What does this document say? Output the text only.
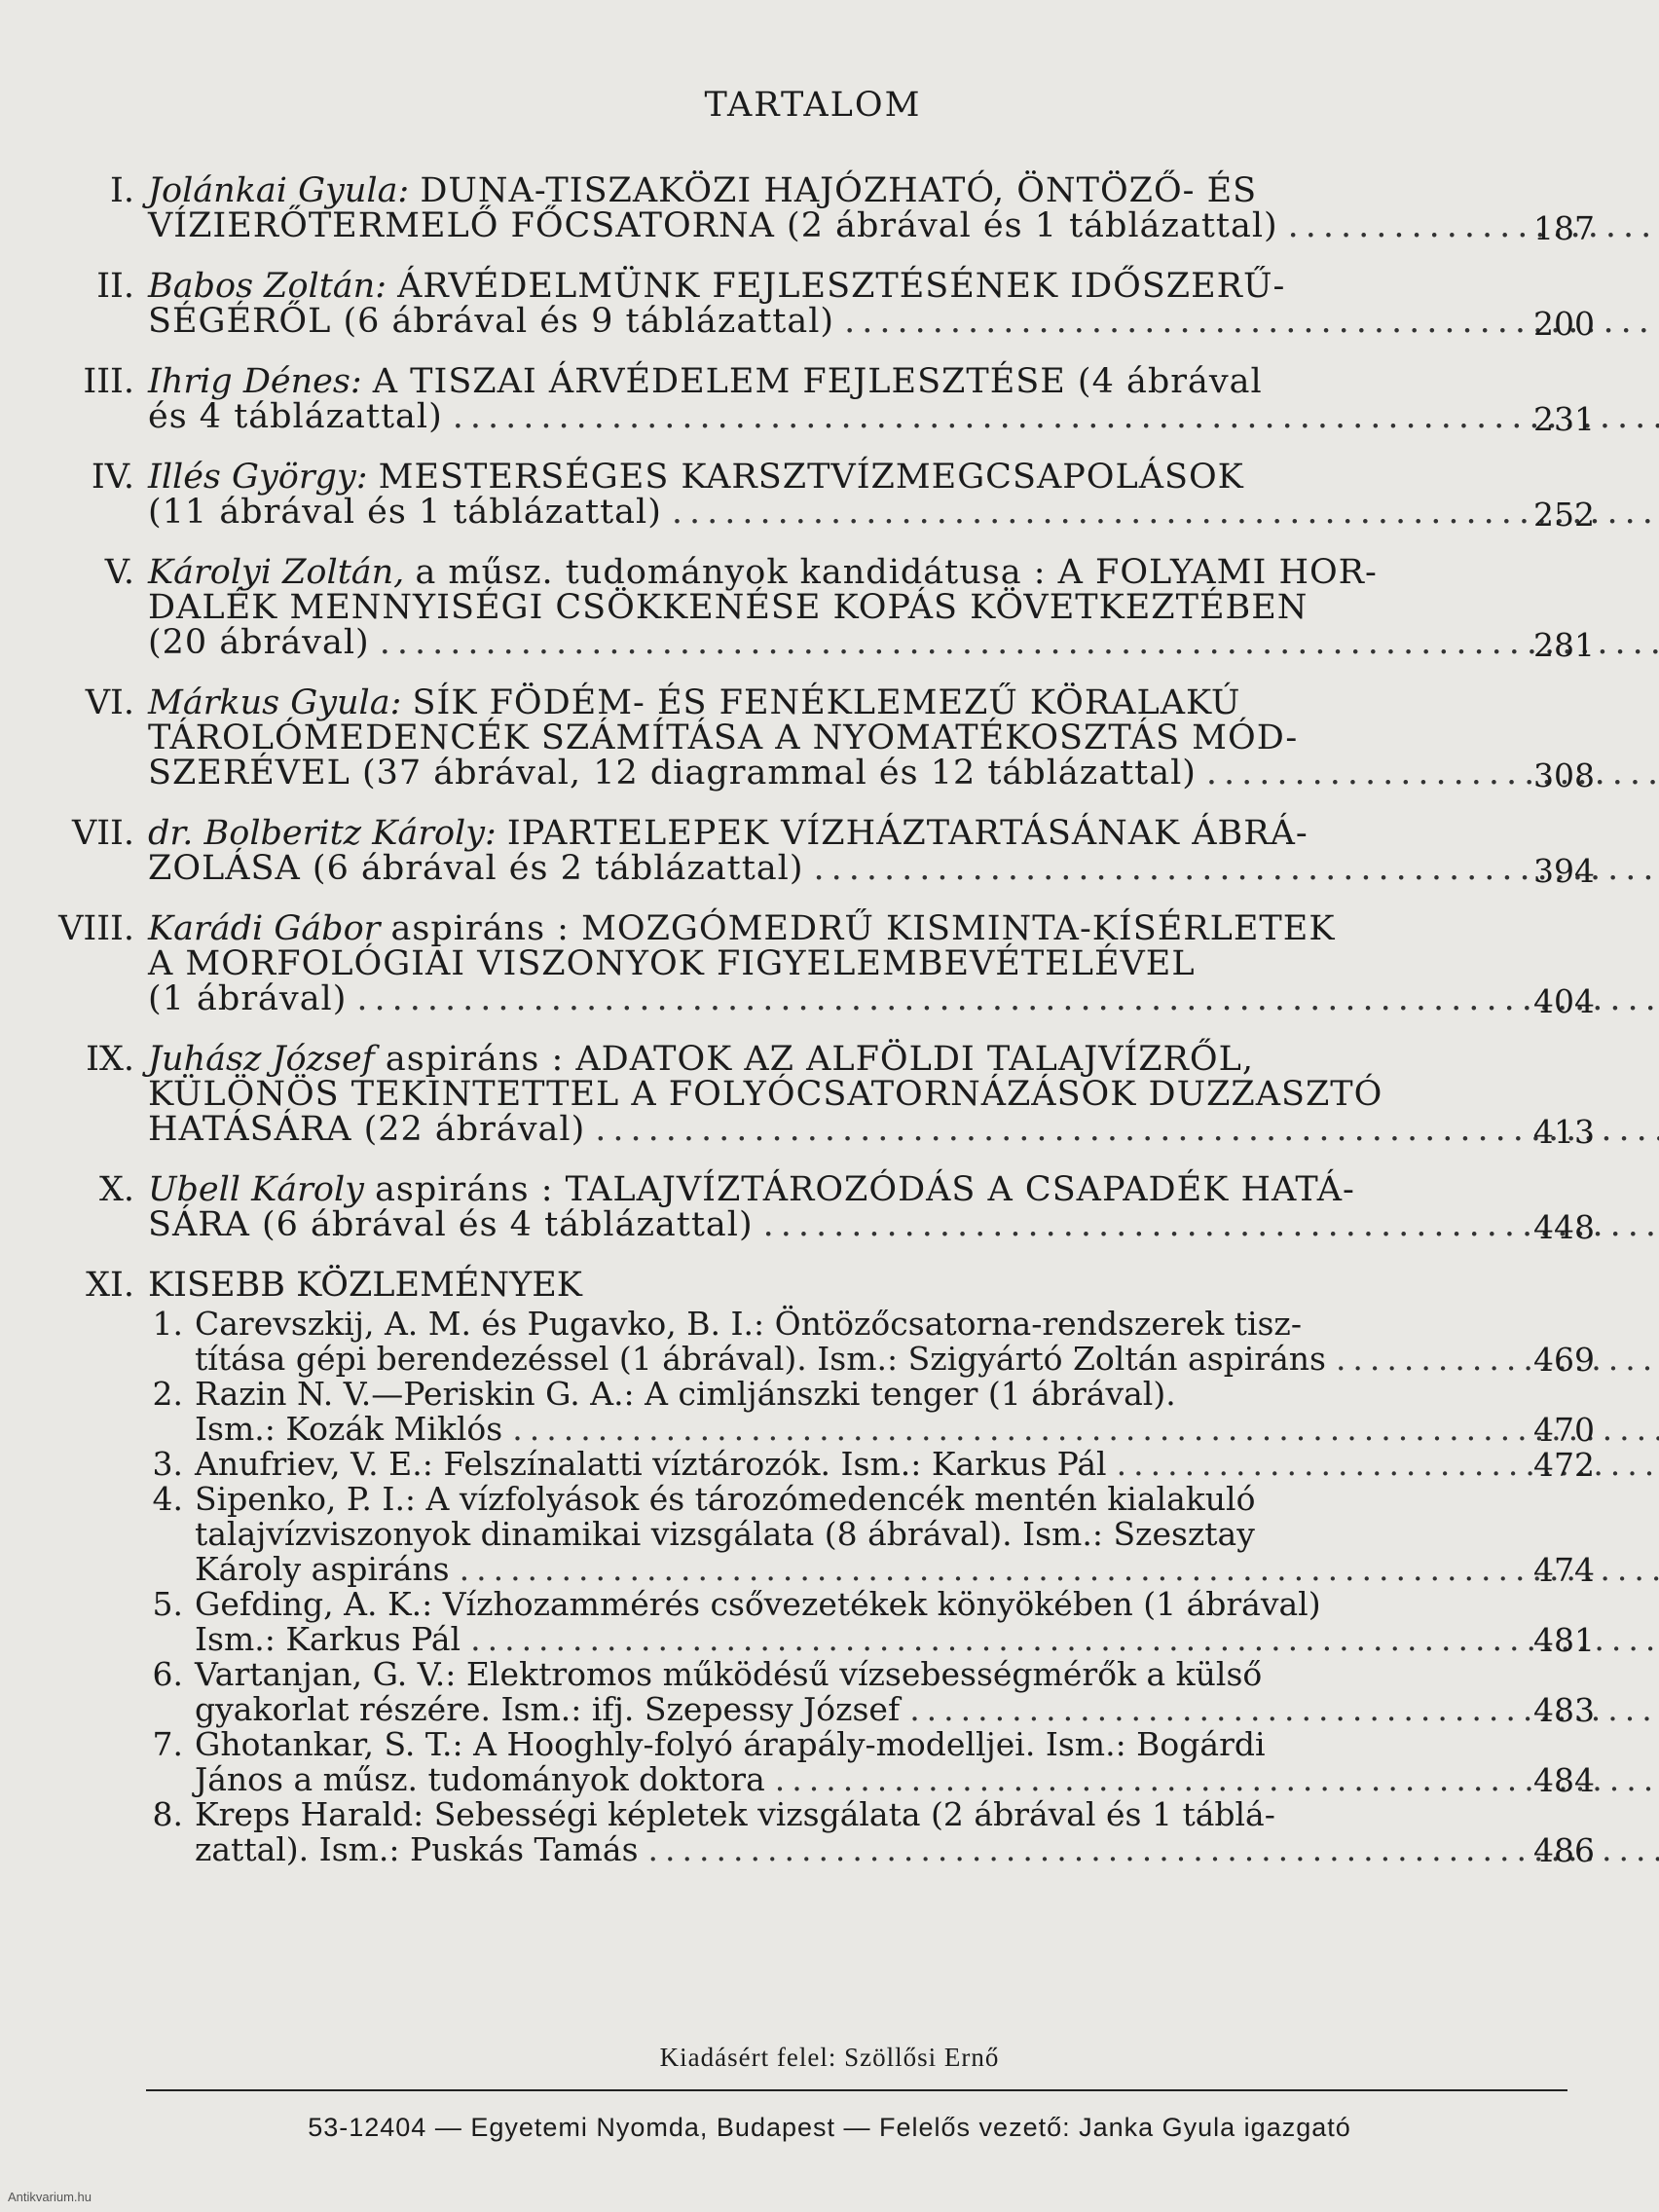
TARTALOM
I. Jolánkai Gyula: DUNA-TISZAKÖZI HAJÓZHATÓ, ÖNTÖZŐ- ÉS
VÍZIERŐTERMELŐ FŐCSATORNA (2 ábrával és 1 táblázattal) .....	187
II. Babos Zoltán: ÁRVÉDELMÜNK FEJLESZTÉSÉNEK IDŐSZERŰ-
SÉGÉRŐL (6 ábrával és 9 táblázattal) .....	200
III. Ihrig Dénes: A TISZAI ÁRVÉDELEM FEJLESZTÉSE (4 ábrával
és 4 táblázattal) .....	231
IV. Illés György: MESTERSÉGES KARSZTVÍZMEGCSAPOLÁSOK
(11 ábrával és 1 táblázattal) .....	252
V. Károlyi Zoltán, a műsz. tudományok kandidátusa : A FOLYAMI HOR-
DALÉK MENNYISÉGI CSÖKKENÉSE KOPÁS KÖVETKEZTÉBEN
(20 ábrával) .....	281
VI. Márkus Gyula: SÍK FÖDÉM- ÉS FENÉKLEMEZŰ KÖRALAKÚ
TÁROLÓMEDENCÉK SZÁMÍTÁSA A NYOMATÉKOSZTÁS MÓD-
SZERÉVEL (37 ábrával, 12 diagrammal és 12 táblázattal) .....	308
VII. dr. Bolberitz Károly: IPARTELEPEK VÍZHÁZTARTÁSÁNAK ÁBRÁ-
ZOLÁSA (6 ábrával és 2 táblázattal) .....	394
VIII. Karádi Gábor aspiráns : MOZGÓMEDRŰ KISMINTA-KÍSÉRLETEK
A MORFOLÓGIAI VISZONYOK FIGYELEMBEVÉTELÉVEL
(1 ábrával) .....	404
IX. Juhász József aspiráns : ADATOK AZ ALFÖLDI TALAJVÍZRŐL,
KÜLÖNÖS TEKINTETTEL A FOLYÓCSATORNÁZÁSOK DUZZASZTÓ
HATÁSÁRA (22 ábrával) .....	413
X. Ubell Károly aspiráns : TALAJVÍZTÁROZÓDÁS A CSAPADÉK HATÁ-
SÁRA (6 ábrával és 4 táblázattal) .....	448
XI. KISEBB KÖZLEMÉNYEK
1. Carevszkij, A. M. és Pugavko, B. I.: Öntözőcsatorna-rendszerek tisz-
títása gépi berendezéssel (1 ábrával). Ism.: Szigyártó Zoltán aspiráns .....	469
2. Razin N. V.—Periskin G. A.: A cimljánszki tenger (1 ábrával).
Ism.: Kozák Miklós .....	470
3. Anufriev, V. E.: Felszínalatti víztározók. Ism.: Karkus Pál .....	472
4. Sipenko, P. I.: A vízfolyások és tározómedencék mentén kialakuló
talajvízviszonyok dinamikai vizsgálata (8 ábrával). Ism.: Szesztay
Károly aspiráns .....	474
5. Gefding, A. K.: Vízhozammérés csővezetékek könyökében (1 ábrával)
Ism.: Karkus Pál .....	481
6. Vartanjan, G. V.: Elektromos működésű vízsebességmérők a külső
gyakorlat részére. Ism.: ifj. Szepessy József .....	483
7. Ghotankar, S. T.: A Hooghly-folyó árapály-modelljei. Ism.: Bogárdi
János a műsz. tudományok doktora .....	484
8. Kreps Harald: Sebességi képletek vizsgálata (2 ábrával és 1 táblá-
zattal). Ism.: Puskás Tamás .....	486
Kiadásért felel: Szöllősi Ernő
53-12404 — Egyetemi Nyomda, Budapest — Felelős vezető: Janka Gyula igazgató
Antikvarium.hu
